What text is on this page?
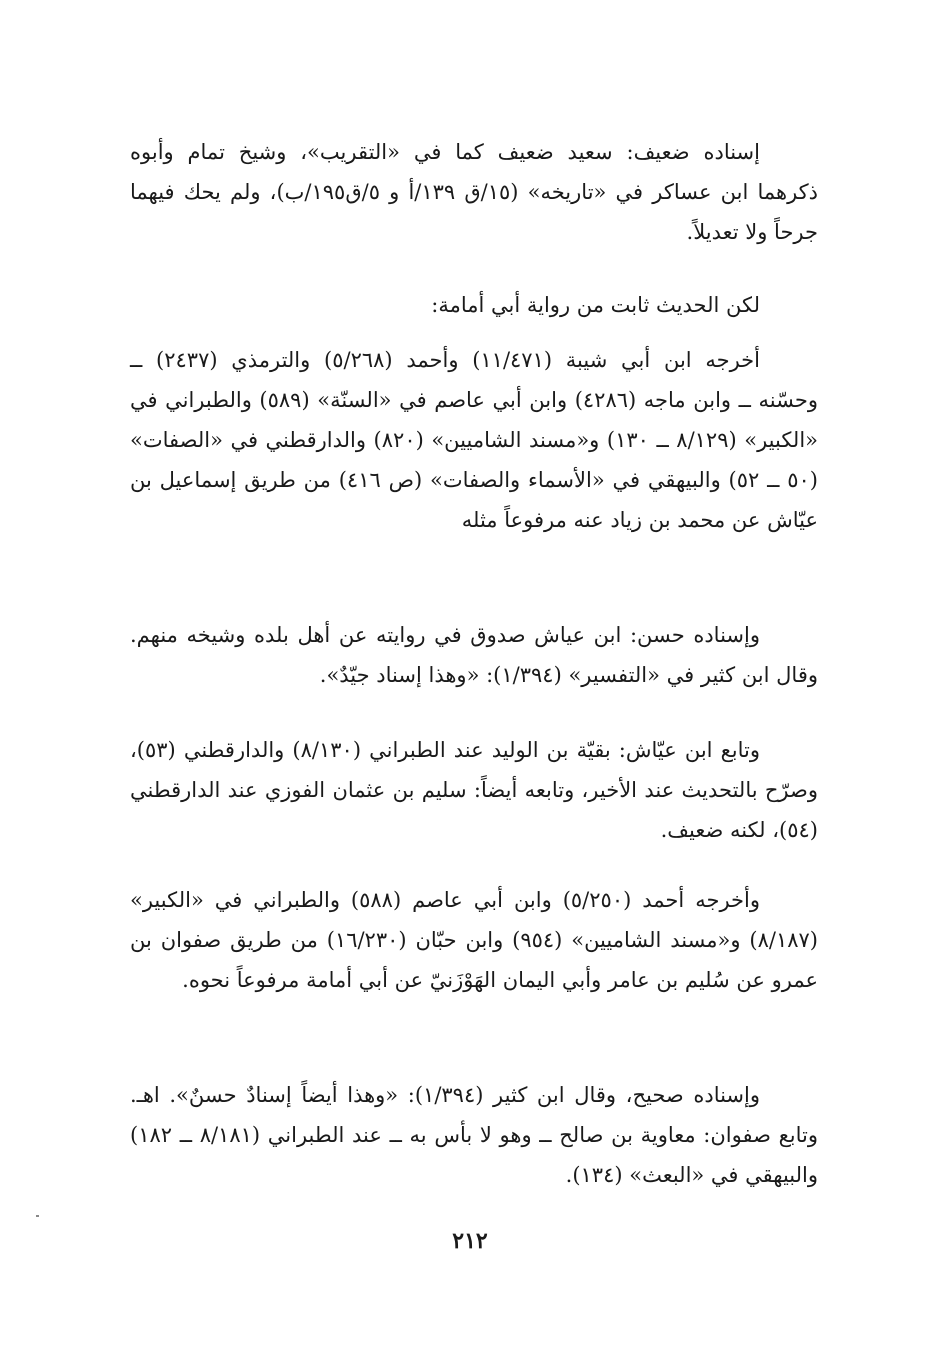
إسناده ضعيف: سعيد ضعيف كما في «التقريب»، وشيخ تمام وأبوه ذكرهما ابن عساكر في «تاريخه» (١٥/ق ١٣٩/أ و ٥/ق١٩٥/ب)، ولم يحك فيهما جرحاً ولا تعديلاً.

لكن الحديث ثابت من رواية أبي أمامة:

أخرجه ابن أبي شيبة (١١/٤٧١) وأحمد (٥/٢٦٨) والترمذي (٢٤٣٧) ــ وحسّنه ــ وابن ماجه (٤٢٨٦) وابن أبي عاصم في «السنّة» (٥٨٩) والطبراني في «الكبير» (٨/١٢٩ ــ ١٣٠) و«مسند الشاميين» (٨٢٠) والدارقطني في «الصفات» (٥٠ ــ ٥٢) والبيهقي في «الأسماء والصفات» (ص ٤١٦) من طريق إسماعيل بن عيّاش عن محمد بن زياد عنه مرفوعاً مثله

وإسناده حسن: ابن عياش صدوق في روايته عن أهل بلده وشيخه منهم. وقال ابن كثير في «التفسير» (١/٣٩٤): «وهذا إسناد جيّدٌ».

وتابع ابن عيّاش: بقيّة بن الوليد عند الطبراني (٨/١٣٠) والدارقطني (٥٣)، وصرّح بالتحديث عند الأخير، وتابعه أيضاً: سليم بن عثمان الفوزي عند الدارقطني (٥٤)، لكنه ضعيف.

وأخرجه أحمد (٥/٢٥٠) وابن أبي عاصم (٥٨٨) والطبراني في «الكبير» (٨/١٨٧) و«مسند الشاميين» (٩٥٤) وابن حبّان (١٦/٢٣٠) من طريق صفوان بن عمرو عن سُليم بن عامر وأبي اليمان الهَوْزَنيّ عن أبي أمامة مرفوعاً نحوه.

وإسناده صحيح، وقال ابن كثير (١/٣٩٤): «وهذا أيضاً إسنادٌ حسنٌ». اهـ. وتابع صفوان: معاوية بن صالح ــ وهو لا بأس به ــ عند الطبراني (٨/١٨١ ــ ١٨٢) والبيهقي في «البعث» (١٣٤).

٢١٢
